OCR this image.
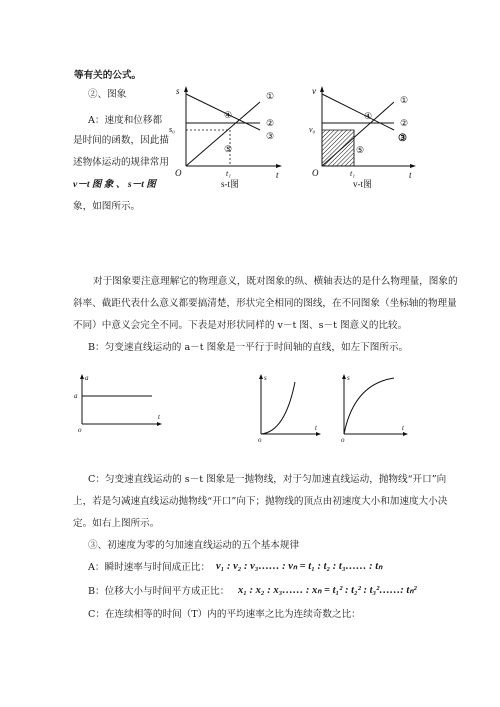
等有关的公式。
②、图象
A：速度和位移都
是时间的函数，因此描
述物体运动的规律常用
v－t 图 象 、 s－t 图
象，如图所示。
s
s₀
O	t
t₁
①
②
③
④
⑤
s-t图
v
v₀
O	t
t₁
①
②
③
④
⑤
v-t图
对于图象要注意理解它的物理意义，既对图象的纵、横轴表达的是什么物理量，图象的
斜率、截距代表什么意义都要搞清楚，形状完全相同的图线，在不同图象（坐标轴的物理量
不同）中意义会完全不同。下表是对形状同样的 v－t 图、s－t 图意义的比较。
B：匀变速直线运动的 a－t 图象是一平行于时间轴的直线，如左下图所示。
a
a
o
t
s
o
t
s
o
t
C：匀变速直线运动的 s－t 图象是一抛物线，对于匀加速直线运动，抛物线“开口”向
上，若是匀减速直线运动抛物线“开口”向下；抛物线的顶点由初速度大小和加速度大小决
定。如右上图所示。
③、初速度为零的匀加速直线运动的五个基本规律
A：瞬时速率与时间成正比： v₁ : v₂ : v₃…… : vₙ = t₁ : t₂ : t₃…… : tₙ
B：位移大小与时间平方成正比： x₁ : x₂ : x₃…… : xₙ = t₁² : t₂² : t₃²……: tₙ²
C：在连续相等的时间（T）内的平均速率之比为连续奇数之比：
